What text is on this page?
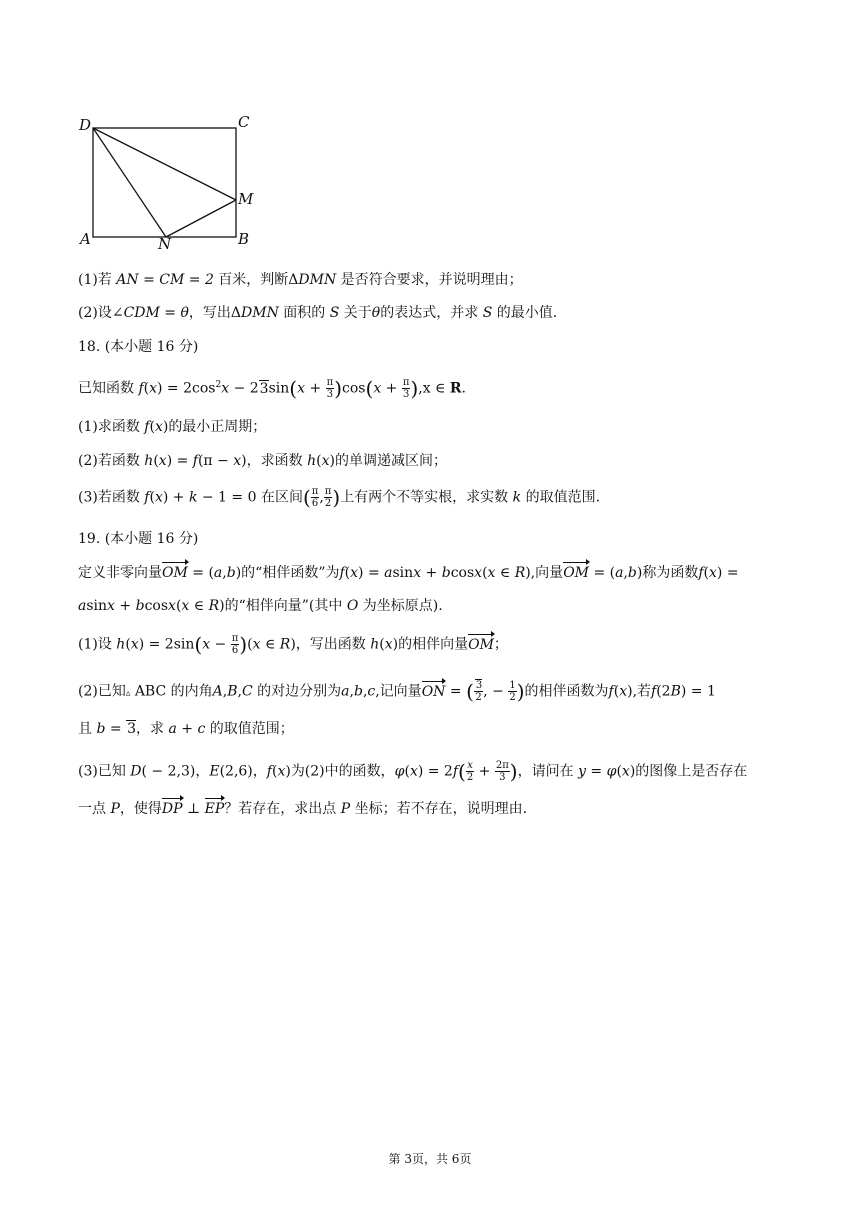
D	C
M
A	N	B
(1)若 AN = CM = 2 百米，判断ΔDMN 是否符合要求，并说明理由；
(2)设∠CDM = θ，写出ΔDMN 面积的 S 关于θ的表达式，并求 S 的最小值.
18. (本小题 16 分)
已知函数 $f(x) = 2\cos^2x - 23\sin(x + \frac{\pi}{3} )\cos(x + \frac{\pi}{3} ),x$ ∈ R.
(1)求函数 f(x)的最小正周期；
(2)若函数 h(x) = f(π − x)，求函数 h(x)的单调递减区间；
(3)若函数 f(x) + k − 1 = 0 在区间( $\frac{\pi}{6}$ , $\frac{\pi}{2}$ )上有两个不等实根，求实数 k 的取值范围.
19. (本小题 16 分)
定义非零向量OM = (a,b)的“相伴函数”为f(x) = asinx + bcosx(x ∈ R),向量OM = (a,b)称为函数f(x) =
asinx + bcosx(x ∈ R)的“相伴向量”(其中 O 为坐标原点).
(1)设 $h(x) = 2\sin(x - \frac{\pi}{6} )(x$ ∈ R)，写出函数 h(x)的相伴向量OM；
(2)已知▵ ABC 的内角A,B,C 的对边分别为a,b,c,记向量ON = ( $\frac{3}{2}$ , − $\frac{1}{2}$ )的相伴函数为f(x),若f(2B) = 1
且 b = 3，求 a + c 的取值范围；
(3)已知 D( − 2,3)，E(2,6)，f(x)为(2)中的函数，$\varphi(x) = 2f( \frac{x}{2} + \frac{2\pi}{3}$ )，请问在 y = φ(x)的图像上是否存在
一点 P，使得DP ⊥ EP？若存在，求出点 P 坐标；若不存在，说明理由.
第 3页，共 6页
